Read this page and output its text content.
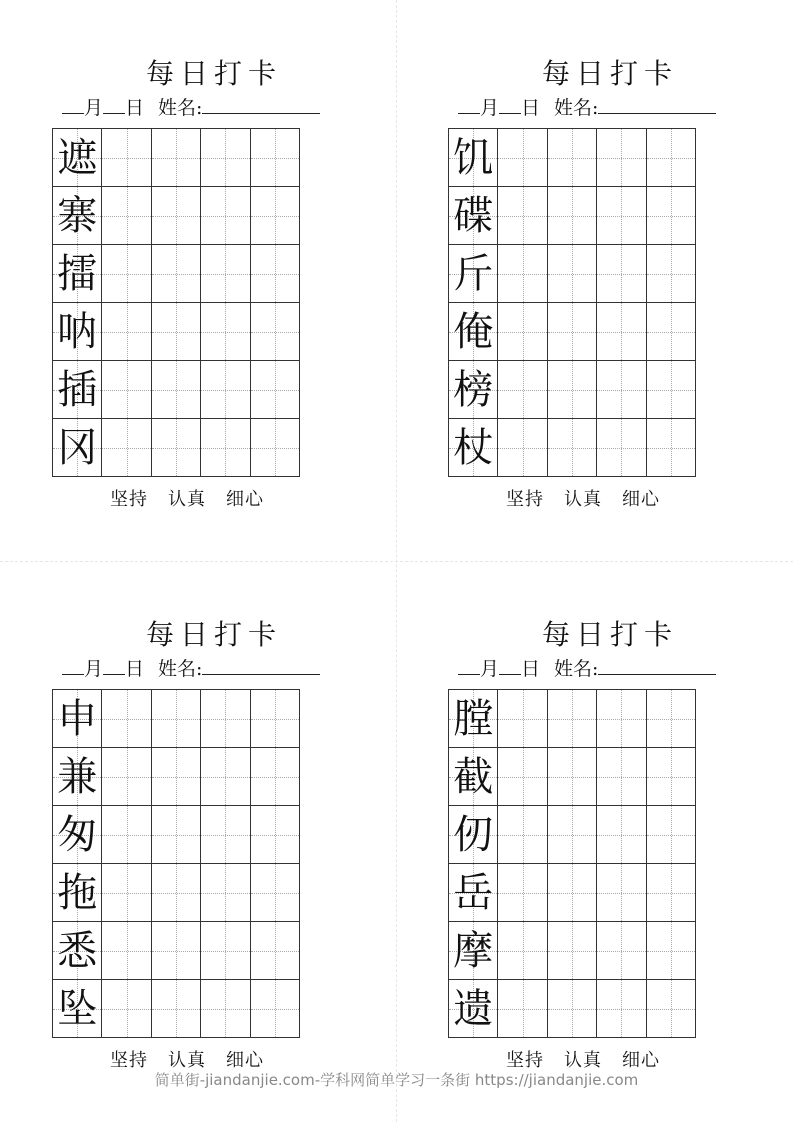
每日打卡
月 日 姓名:
遮				

寨				

擂				

呐				

插				

冈				

坚持 认真 细心
每日打卡
月 日 姓名:
饥				

碟				

斤				

俺				

榜				

杖				

坚持 认真 细心
每日打卡
月 日 姓名:
申				

兼				

匆				

拖				

悉				

坠				

坚持 认真 细心
每日打卡
月 日 姓名:
膛				

截				

仞				

岳				

摩				

遗				

坚持 认真 细心
简单街-jiandanjie.com-学科网简单学习一条街 https://jiandanjie.com
